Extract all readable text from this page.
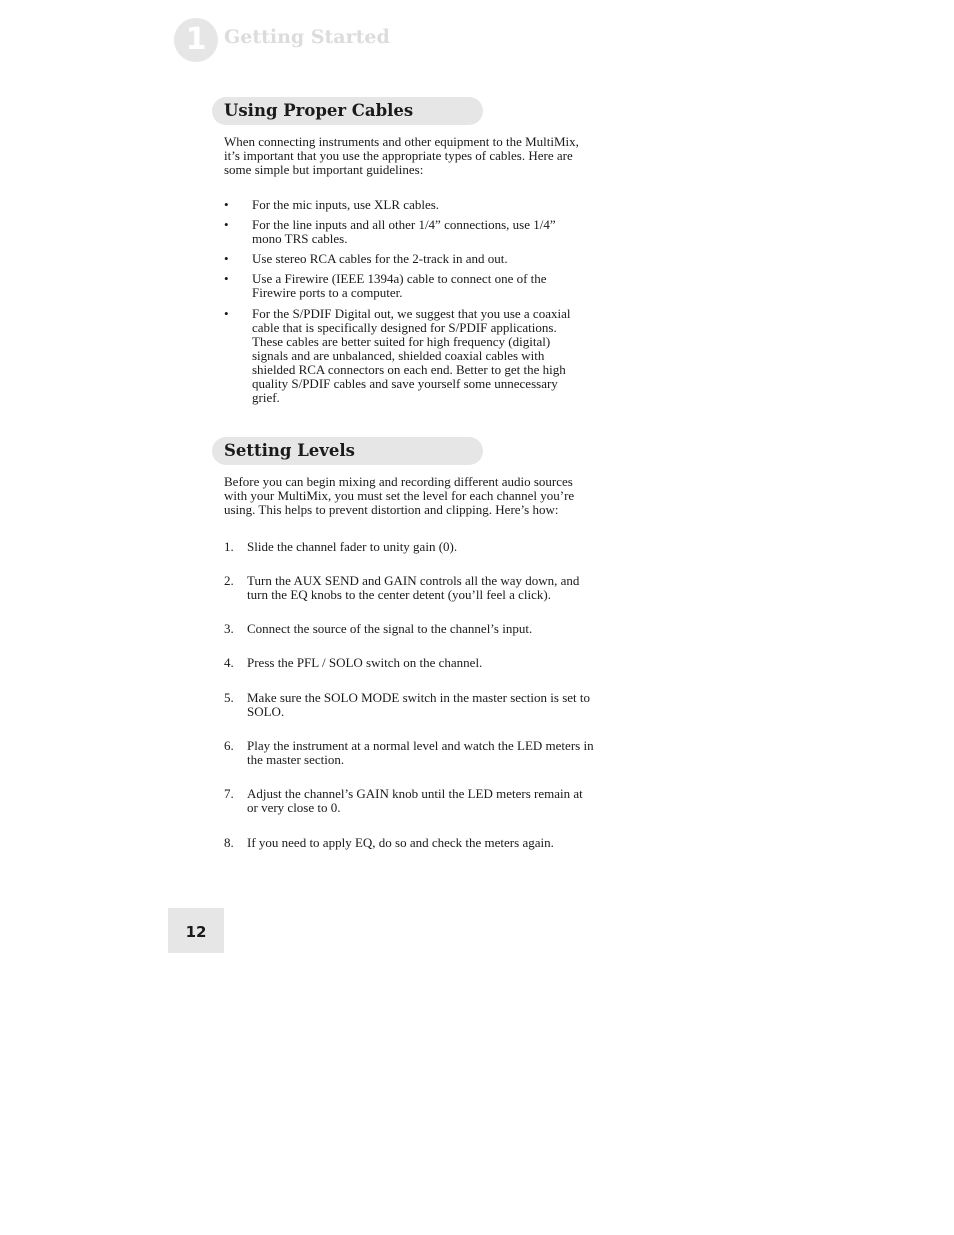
1 Getting Started
Using Proper Cables
When connecting instruments and other equipment to the MultiMix, it’s important that you use the appropriate types of cables. Here are some simple but important guidelines:
• For the mic inputs, use XLR cables.
• For the line inputs and all other 1/4” connections, use 1/4” mono TRS cables.
• Use stereo RCA cables for the 2-track in and out.
• Use a Firewire (IEEE 1394a) cable to connect one of the Firewire ports to a computer.
• For the S/PDIF Digital out, we suggest that you use a coaxial cable that is specifically designed for S/PDIF applications. These cables are better suited for high frequency (digital) signals and are unbalanced, shielded coaxial cables with shielded RCA connectors on each end. Better to get the high quality S/PDIF cables and save yourself some unnecessary grief.
Setting Levels
Before you can begin mixing and recording different audio sources with your MultiMix, you must set the level for each channel you’re using. This helps to prevent distortion and clipping. Here’s how:
1. Slide the channel fader to unity gain (0).
2. Turn the AUX SEND and GAIN controls all the way down, and turn the EQ knobs to the center detent (you’ll feel a click).
3. Connect the source of the signal to the channel’s input.
4. Press the PFL / SOLO switch on the channel.
5. Make sure the SOLO MODE switch in the master section is set to SOLO.
6. Play the instrument at a normal level and watch the LED meters in the master section.
7. Adjust the channel’s GAIN knob until the LED meters remain at or very close to 0.
8. If you need to apply EQ, do so and check the meters again.
12
